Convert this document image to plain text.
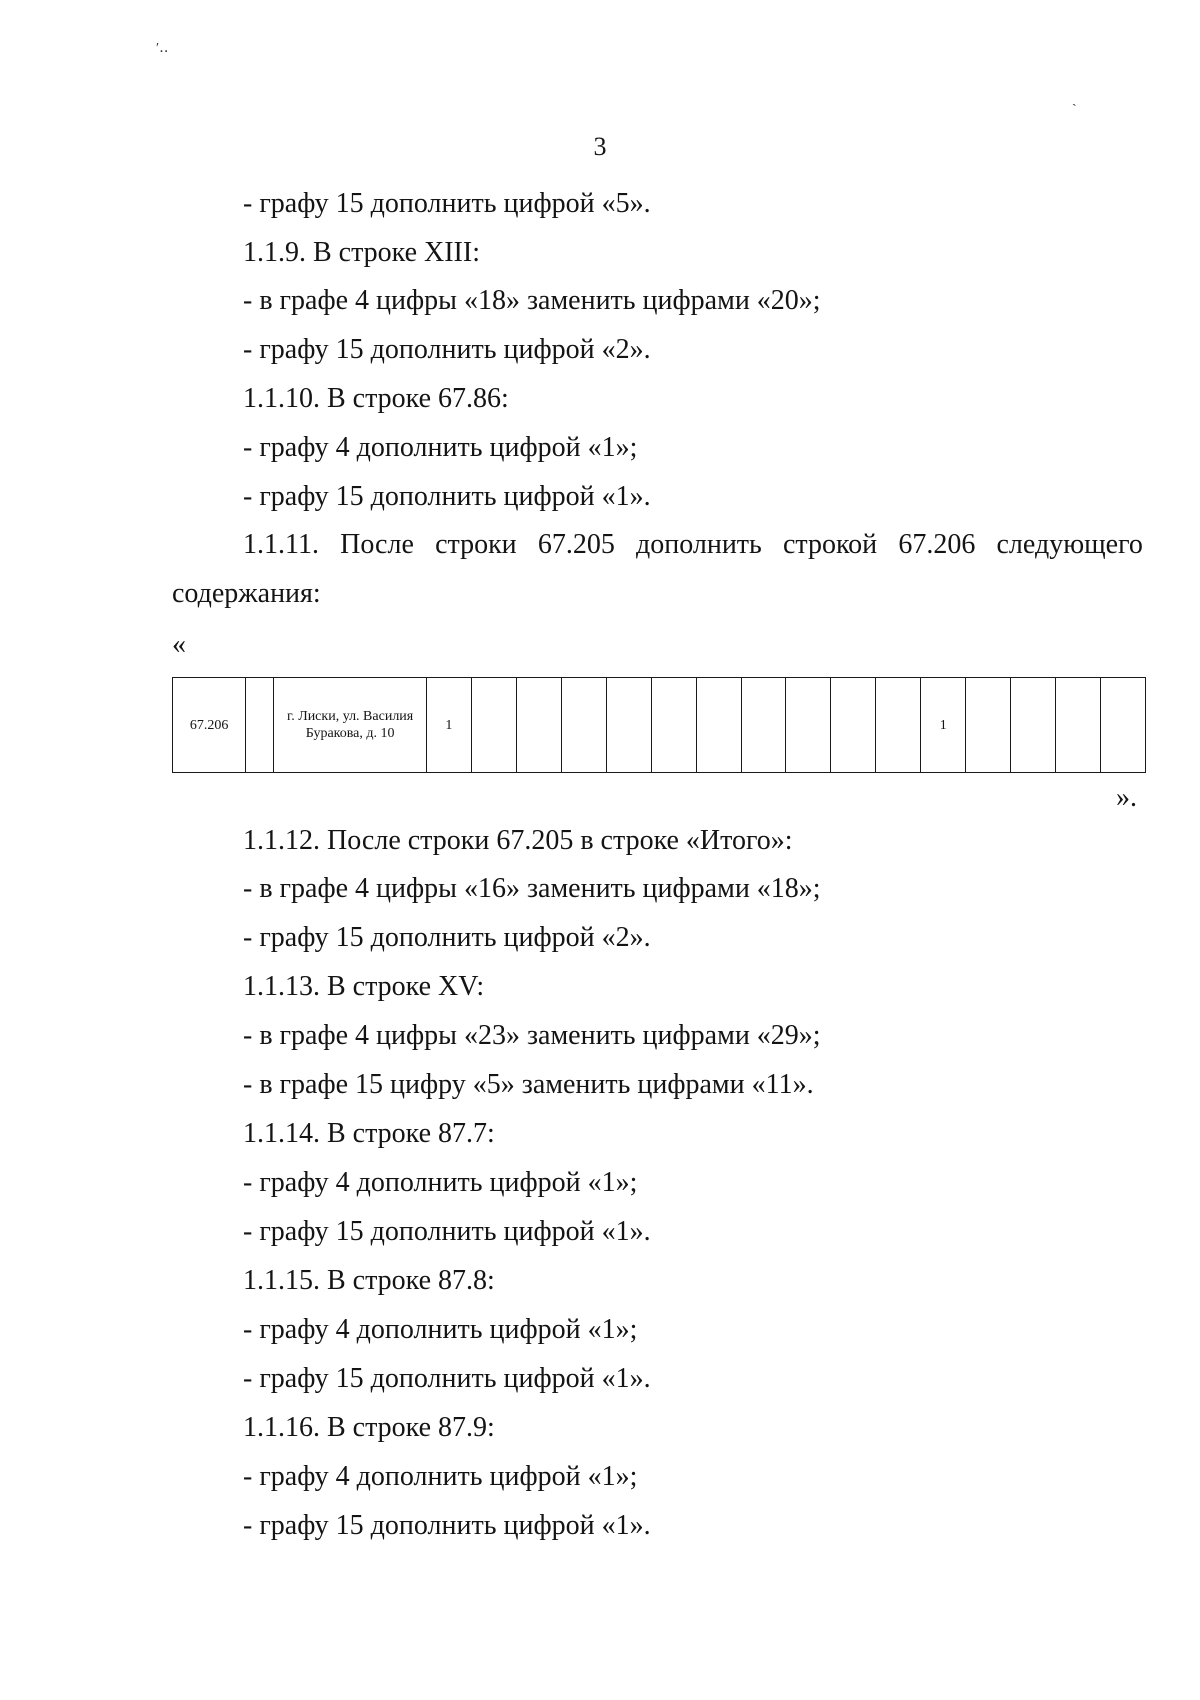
3
′‥
ˏ
- графу 15 дополнить цифрой «5».
1.1.9. В строке XIII:
- в графе 4 цифры «18» заменить цифрами «20»;
- графу 15 дополнить цифрой «2».
1.1.10. В строке 67.86:
- графу 4 дополнить цифрой «1»;
- графу 15 дополнить цифрой «1».
1.1.11. После строки 67.205 дополнить строкой 67.206 следующего
содержания:
«
67.206		г. Лиски, ул. Василия Буракова, д. 10	1											1				
».
1.1.12. После строки 67.205 в строке «Итого»:
- в графе 4 цифры «16» заменить цифрами «18»;
- графу 15 дополнить цифрой «2».
1.1.13. В строке XV:
- в графе 4 цифры «23» заменить цифрами «29»;
- в графе 15 цифру «5» заменить цифрами «11».
1.1.14. В строке 87.7:
- графу 4 дополнить цифрой «1»;
- графу 15 дополнить цифрой «1».
1.1.15. В строке 87.8:
- графу 4 дополнить цифрой «1»;
- графу 15 дополнить цифрой «1».
1.1.16. В строке 87.9:
- графу 4 дополнить цифрой «1»;
- графу 15 дополнить цифрой «1».
